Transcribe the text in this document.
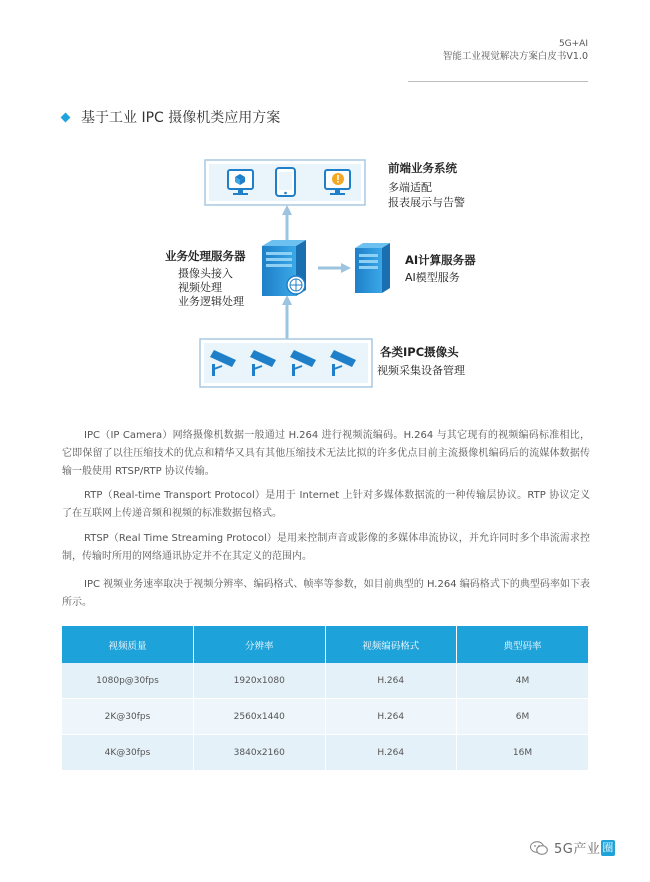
5G+AI
智能工业视觉解决方案白皮书V1.0
基于工业 IPC 摄像机类应用方案
前端业务系统
多端适配
报表展示与告警
业务处理服务器
摄像头接入
视频处理
业务逻辑处理
AI计算服务器
AI模型服务
各类IPC摄像头
视频采集设备管理

IPC（IP Camera）网络摄像机数据一般通过 H.264 进行视频流编码。H.264 与其它现有的视频编码标准相比，它即保留了以往压缩技术的优点和精华又具有其他压缩技术无法比拟的许多优点目前主流摄像机编码后的流媒体数据传输一般使用 RTSP/RTP 协议传输。

RTP（Real-time Transport Protocol）是用于 Internet 上针对多媒体数据流的一种传输层协议。RTP 协议定义了在互联网上传递音频和视频的标准数据包格式。

RTSP（Real Time Streaming Protocol）是用来控制声音或影像的多媒体串流协议，并允许同时多个串流需求控制，传输时所用的网络通讯协定并不在其定义的范围内。

IPC 视频业务速率取决于视频分辨率、编码格式、帧率等参数，如目前典型的 H.264 编码格式下的典型码率如下表所示。

视频质量	分辨率	视频编码格式	典型码率
1080p@30fps	1920x1080	H.264	4M
2K@30fps	2560x1440	H.264	6M
4K@30fps	3840x2160	H.264	16M
5G产业 圈
